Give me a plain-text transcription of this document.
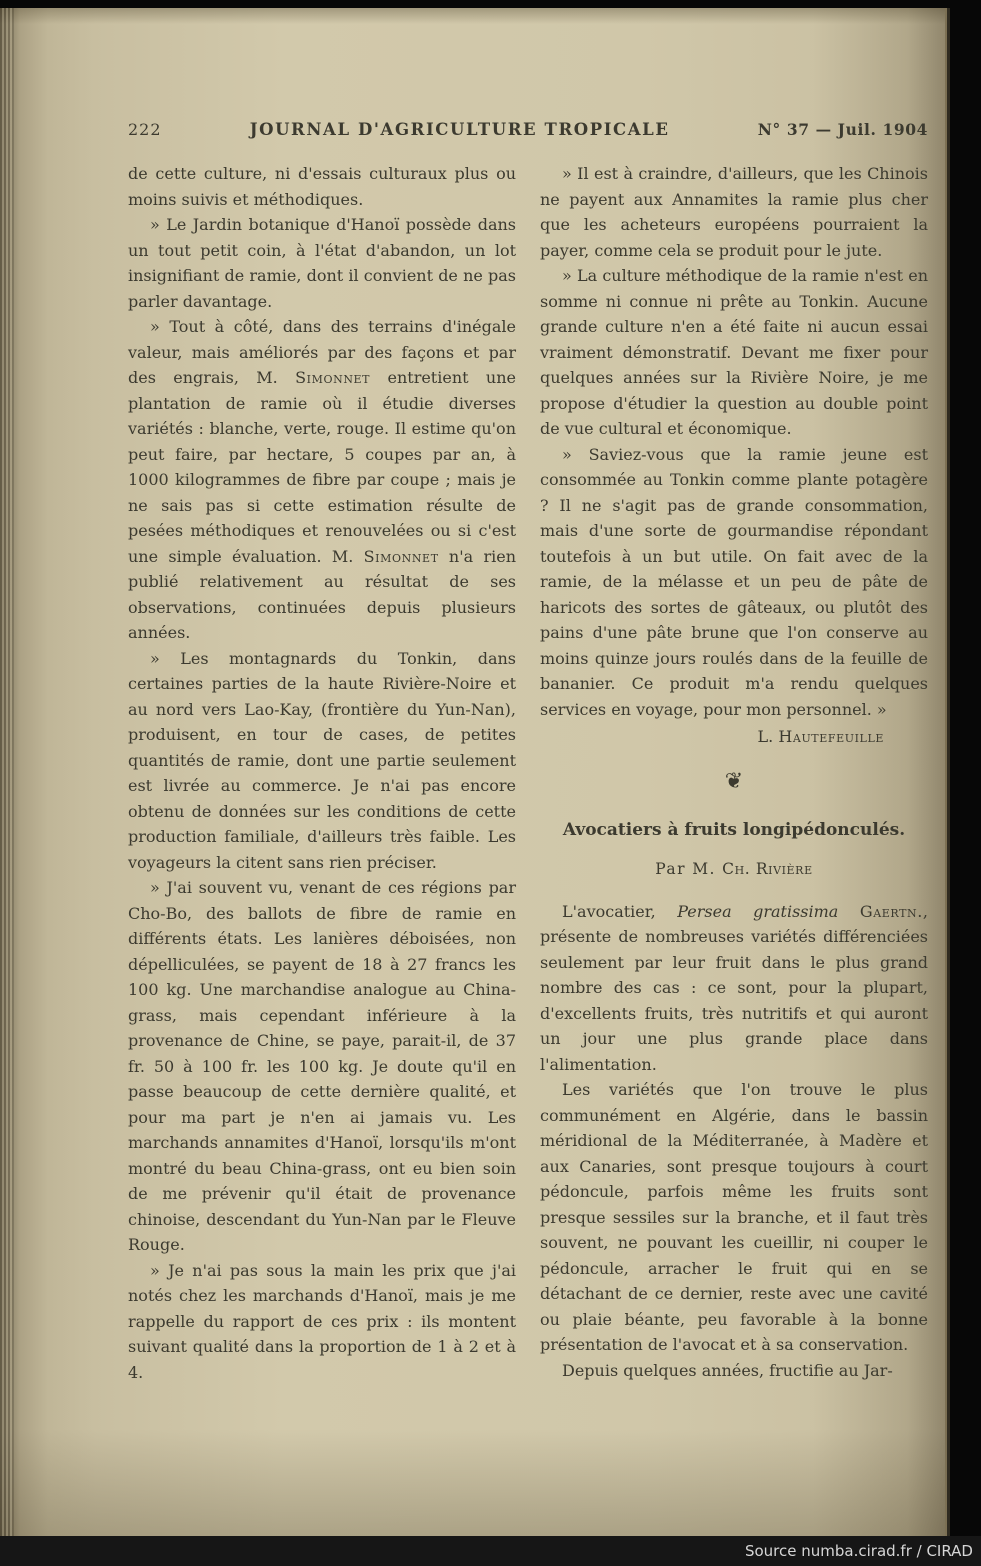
222	JOURNAL D'AGRICULTURE TROPICALE	N° 37 — Juil. 1904

de cette culture, ni d'essais culturaux plus ou moins suivis et méthodiques.

» Le Jardin botanique d'Hanoï possède dans un tout petit coin, à l'état d'abandon, un lot insignifiant de ramie, dont il convient de ne pas parler davantage.

» Tout à côté, dans des terrains d'inégale valeur, mais améliorés par des façons et par des engrais, M. Simonnet entretient une plantation de ramie où il étudie diverses variétés : blanche, verte, rouge. Il estime qu'on peut faire, par hectare, 5 coupes par an, à 1000 kilogrammes de fibre par coupe ; mais je ne sais pas si cette estimation résulte de pesées méthodiques et renouvelées ou si c'est une simple évaluation. M. Simonnet n'a rien publié relativement au résultat de ses observations, continuées depuis plusieurs années.

» Les montagnards du Tonkin, dans certaines parties de la haute Rivière-Noire et au nord vers Lao-Kay, (frontière du Yun-Nan), produisent, en tour de cases, de petites quantités de ramie, dont une partie seulement est livrée au commerce. Je n'ai pas encore obtenu de données sur les conditions de cette production familiale, d'ailleurs très faible. Les voyageurs la citent sans rien préciser.

» J'ai souvent vu, venant de ces régions par Cho-Bo, des ballots de fibre de ramie en différents états. Les lanières déboisées, non dépelliculées, se payent de 18 à 27 francs les 100 kg. Une marchandise analogue au China-grass, mais cependant inférieure à la provenance de Chine, se paye, parait-il, de 37 fr. 50 à 100 fr. les 100 kg. Je doute qu'il en passe beaucoup de cette dernière qualité, et pour ma part je n'en ai jamais vu. Les marchands annamites d'Hanoï, lorsqu'ils m'ont montré du beau China-grass, ont eu bien soin de me prévenir qu'il était de provenance chinoise, descendant du Yun-Nan par le Fleuve Rouge.

» Je n'ai pas sous la main les prix que j'ai notés chez les marchands d'Hanoï, mais je me rappelle du rapport de ces prix : ils montent suivant qualité dans la proportion de 1 à 2 et à 4.

» Il est à craindre, d'ailleurs, que les Chinois ne payent aux Annamites la ramie plus cher que les acheteurs européens pourraient la payer, comme cela se produit pour le jute.

» La culture méthodique de la ramie n'est en somme ni connue ni prête au Tonkin. Aucune grande culture n'en a été faite ni aucun essai vraiment démonstratif. Devant me fixer pour quelques années sur la Rivière Noire, je me propose d'étudier la question au double point de vue cultural et économique.

» Saviez-vous que la ramie jeune est consommée au Tonkin comme plante potagère ? Il ne s'agit pas de grande consommation, mais d'une sorte de gourmandise répondant toutefois à un but utile. On fait avec de la ramie, de la mélasse et un peu de pâte de haricots des sortes de gâteaux, ou plutôt des pains d'une pâte brune que l'on conserve au moins quinze jours roulés dans de la feuille de bananier. Ce produit m'a rendu quelques services en voyage, pour mon personnel. »

L. Hautefeuille

❦
Avocatiers à fruits longipédonculés.

Par M. Ch. Rivière

L'avocatier, Persea gratissima Gaertn., présente de nombreuses variétés différenciées seulement par leur fruit dans le plus grand nombre des cas : ce sont, pour la plupart, d'excellents fruits, très nutritifs et qui auront un jour une plus grande place dans l'alimentation.

Les variétés que l'on trouve le plus communément en Algérie, dans le bassin méridional de la Méditerranée, à Madère et aux Canaries, sont presque toujours à court pédoncule, parfois même les fruits sont presque sessiles sur la branche, et il faut très souvent, ne pouvant les cueillir, ni couper le pédoncule, arracher le fruit qui en se détachant de ce dernier, reste avec une cavité ou plaie béante, peu favorable à la bonne présentation de l'avocat et à sa conservation.

Depuis quelques années, fructifie au Jar-

Source numba.cirad.fr / CIRAD
